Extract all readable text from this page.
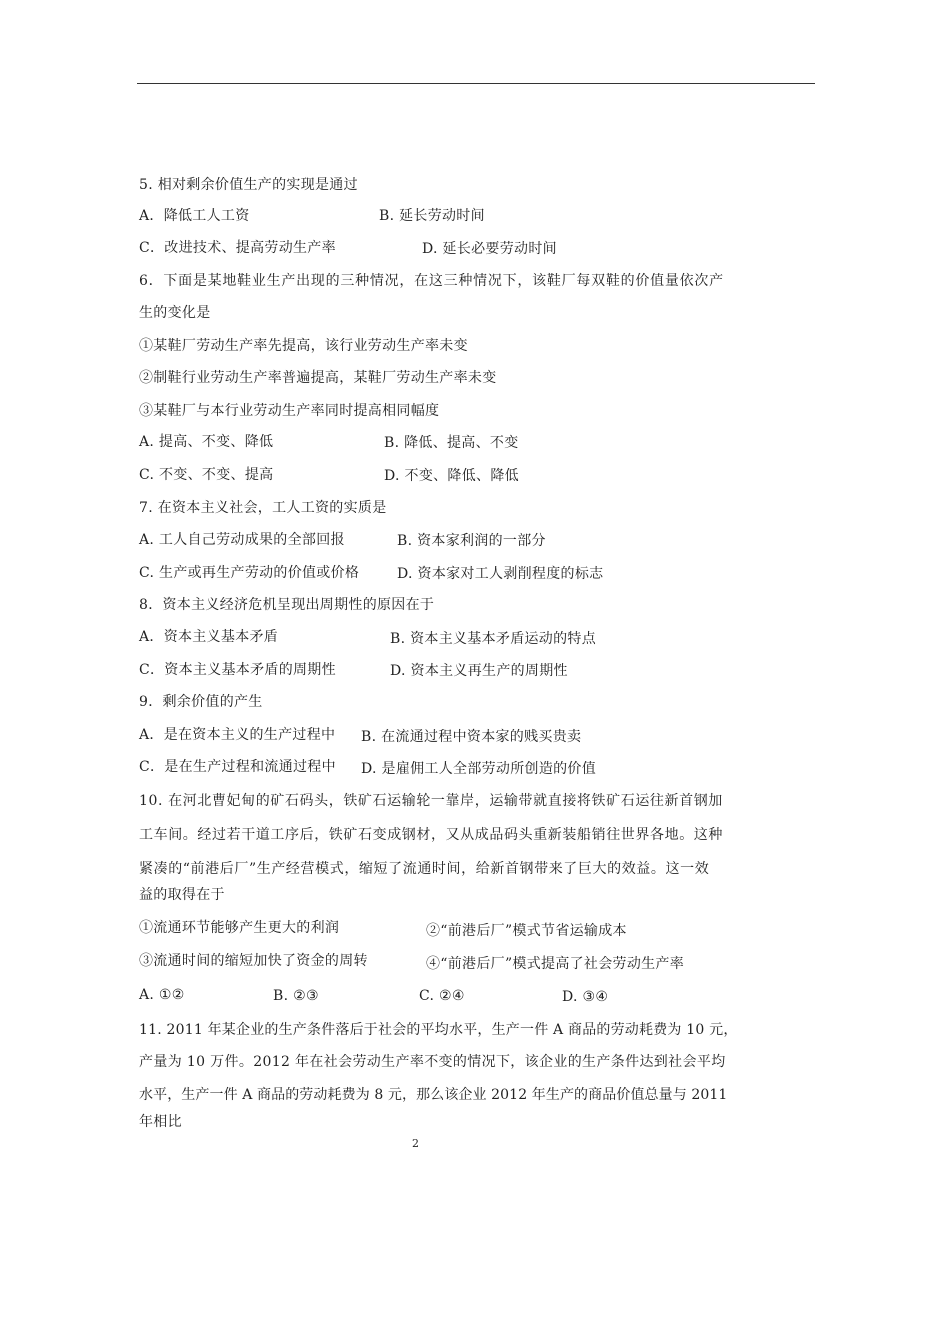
5. 相对剩余价值生产的实现是通过
A．降低工人工资	B. 延长劳动时间
C．改进技术、提高劳动生产率	D. 延长必要劳动时间
6．下面是某地鞋业生产出现的三种情况，在这三种情况下，该鞋厂每双鞋的价值量依次产
生的变化是
①某鞋厂劳动生产率先提高，该行业劳动生产率未变
②制鞋行业劳动生产率普遍提高，某鞋厂劳动生产率未变
③某鞋厂与本行业劳动生产率同时提高相同幅度
A. 提高、不变、降低	B. 降低、提高、不变
C. 不变、不变、提高	D. 不变、降低、降低
7. 在资本主义社会，工人工资的实质是
A. 工人自己劳动成果的全部回报	B. 资本家利润的一部分
C. 生产或再生产劳动的价值或价格	D. 资本家对工人剥削程度的标志
8．资本主义经济危机呈现出周期性的原因在于
A．资本主义基本矛盾	B. 资本主义基本矛盾运动的特点
C．资本主义基本矛盾的周期性	D. 资本主义再生产的周期性
9．剩余价值的产生
A．是在资本主义的生产过程中 B. 在流通过程中资本家的贱买贵卖
C．是在生产过程和流通过程中 D. 是雇佣工人全部劳动所创造的价值
10. 在河北曹妃甸的矿石码头，铁矿石运输轮一靠岸，运输带就直接将铁矿石运往新首钢加
工车间。经过若干道工序后，铁矿石变成钢材，又从成品码头重新装船销往世界各地。这种
紧凑的“前港后厂”生产经营模式，缩短了流通时间，给新首钢带来了巨大的效益。这一效
益的取得在于
①流通环节能够产生更大的利润	②“前港后厂”模式节省运输成本
③流通时间的缩短加快了资金的周转	④“前港后厂”模式提高了社会劳动生产率
A. ①②	B. ②③	C. ②④	D. ③④
11. 2011 年某企业的生产条件落后于社会的平均水平，生产一件 A 商品的劳动耗费为 10 元，
产量为 10 万件。2012 年在社会劳动生产率不变的情况下，该企业的生产条件达到社会平均
水平，生产一件 A 商品的劳动耗费为 8 元，那么该企业 2012 年生产的商品价值总量与 2011
年相比
2
